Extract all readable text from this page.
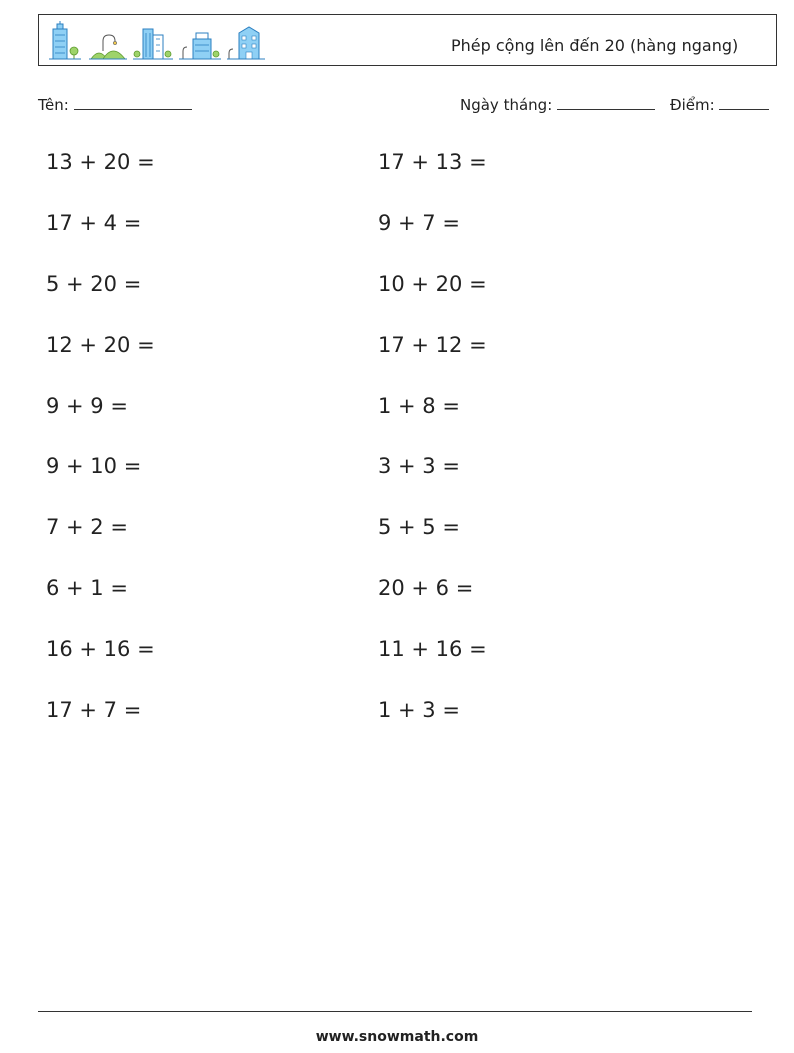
Phép cộng lên đến 20 (hàng ngang)
Tên:	Ngày tháng:	Điểm:
13 + 20 =	17 + 13 =
17 + 4 =	9 + 7 =
5 + 20 =	10 + 20 =
12 + 20 =	17 + 12 =
9 + 9 =	1 + 8 =
9 + 10 =	3 + 3 =
7 + 2 =	5 + 5 =
6 + 1 =	20 + 6 =
16 + 16 =	11 + 16 =
17 + 7 =	1 + 3 =
www.snowmath.com
